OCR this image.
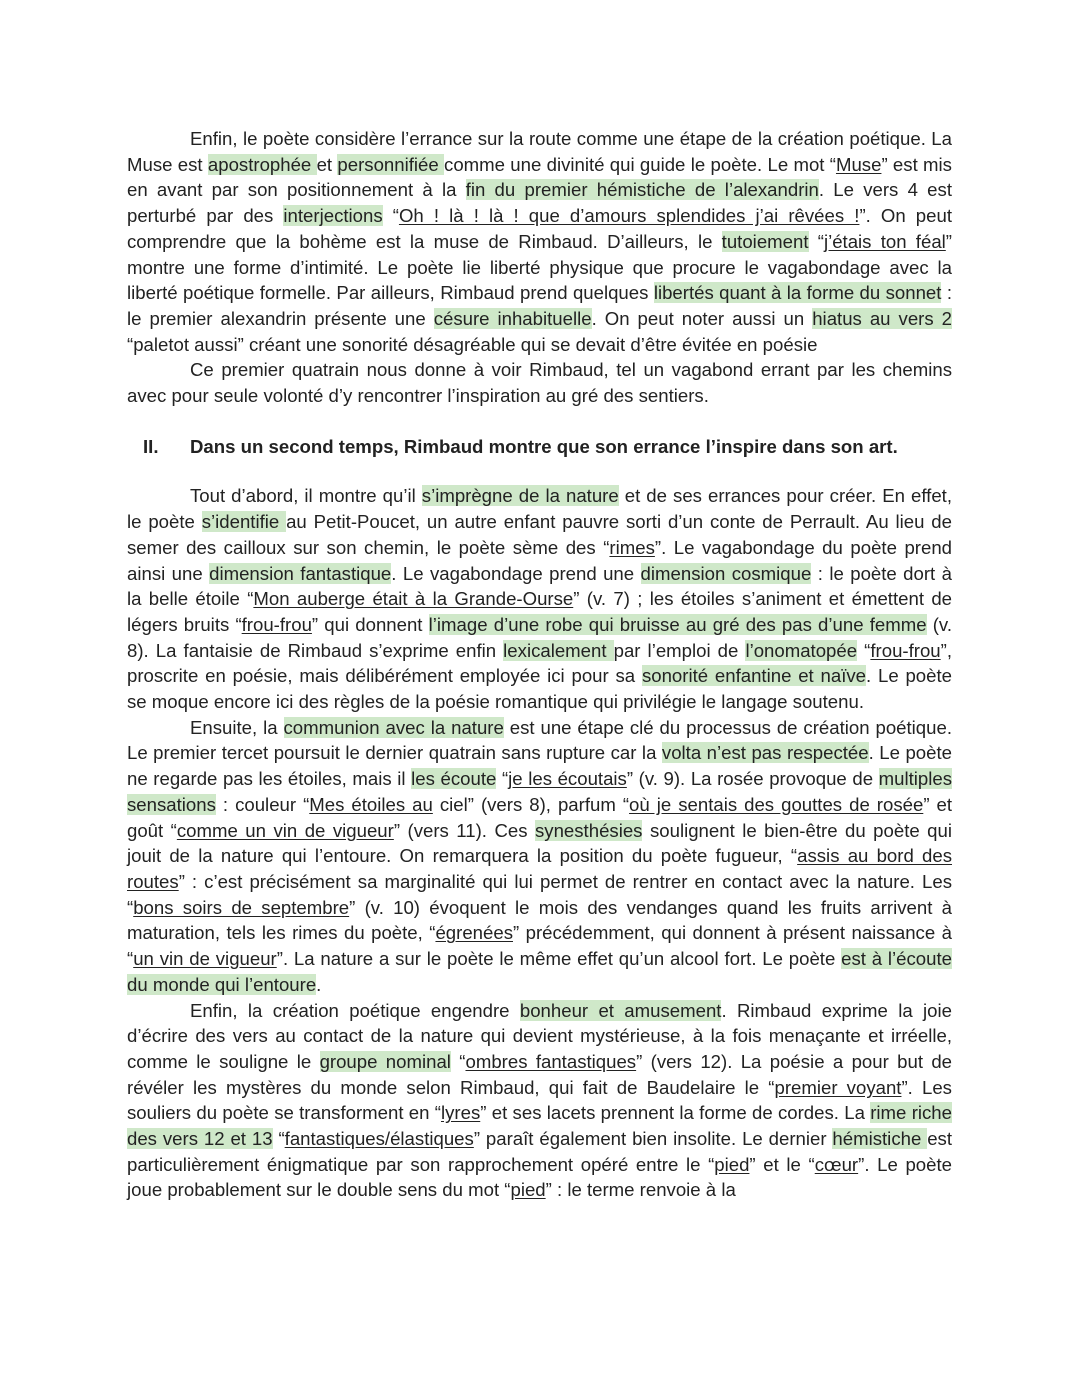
Enfin, le poète considère l’errance sur la route comme une étape de la création poétique. La Muse est apostrophée et personnifiée comme une divinité qui guide le poète. Le mot “Muse” est mis en avant par son positionnement à la fin du premier hémistiche de l’alexandrin. Le vers 4 est perturbé par des interjections “Oh ! là ! là ! que d’amours splendides j’ai rêvées !”. On peut comprendre que la bohème est la muse de Rimbaud. D’ailleurs, le tutoiement “j’étais ton féal” montre une forme d’intimité. Le poète lie liberté physique que procure le vagabondage avec la liberté poétique formelle. Par ailleurs, Rimbaud prend quelques libertés quant à la forme du sonnet : le premier alexandrin présente une césure inhabituelle. On peut noter aussi un hiatus au vers 2 “paletot aussi” créant une sonorité désagréable qui se devait d’être évitée en poésie

Ce premier quatrain nous donne à voir Rimbaud, tel un vagabond errant par les chemins avec pour seule volonté d’y rencontrer l’inspiration au gré des sentiers.

II.	Dans un second temps, Rimbaud montre que son errance l’inspire dans son art.

Tout d’abord, il montre qu’il s’imprègne de la nature et de ses errances pour créer. En effet, le poète s’identifie au Petit-Poucet, un autre enfant pauvre sorti d’un conte de Perrault. Au lieu de semer des cailloux sur son chemin, le poète sème des “rimes”. Le vagabondage du poète prend ainsi une dimension fantastique. Le vagabondage prend une dimension cosmique : le poète dort à la belle étoile “Mon auberge était à la Grande-Ourse” (v. 7) ; les étoiles s’animent et émettent de légers bruits “frou-frou” qui donnent l’image d’une robe qui bruisse au gré des pas d’une femme (v. 8). La fantaisie de Rimbaud s’exprime enfin lexicalement par l’emploi de l’onomatopée “frou-frou”, proscrite en poésie, mais délibérément employée ici pour sa sonorité enfantine et naïve. Le poète se moque encore ici des règles de la poésie romantique qui privilégie le langage soutenu.

Ensuite, la communion avec la nature est une étape clé du processus de création poétique. Le premier tercet poursuit le dernier quatrain sans rupture car la volta n’est pas respectée. Le poète ne regarde pas les étoiles, mais il les écoute “je les écoutais” (v. 9). La rosée provoque de multiples sensations : couleur “Mes étoiles au ciel” (vers 8), parfum “où je sentais des gouttes de rosée” et goût “comme un vin de vigueur” (vers 11). Ces synesthésies soulignent le bien-être du poète qui jouit de la nature qui l’entoure. On remarquera la position du poète fugueur, “assis au bord des routes” : c’est précisément sa marginalité qui lui permet de rentrer en contact avec la nature. Les “bons soirs de septembre” (v. 10) évoquent le mois des vendanges quand les fruits arrivent à maturation, tels les rimes du poète, “égrenées” précédemment, qui donnent à présent naissance à “un vin de vigueur”. La nature a sur le poète le même effet qu’un alcool fort. Le poète est à l’écoute du monde qui l’entoure.

Enfin, la création poétique engendre bonheur et amusement. Rimbaud exprime la joie d’écrire des vers au contact de la nature qui devient mystérieuse, à la fois menaçante et irréelle, comme le souligne le groupe nominal “ombres fantastiques” (vers 12). La poésie a pour but de révéler les mystères du monde selon Rimbaud, qui fait de Baudelaire le “premier voyant”. Les souliers du poète se transforment en “lyres” et ses lacets prennent la forme de cordes. La rime riche des vers 12 et 13 “fantastiques/élastiques” paraît également bien insolite. Le dernier hémistiche est particulièrement énigmatique par son rapprochement opéré entre le “pied” et le “cœur”. Le poète joue probablement sur le double sens du mot “pied” : le terme renvoie à la
